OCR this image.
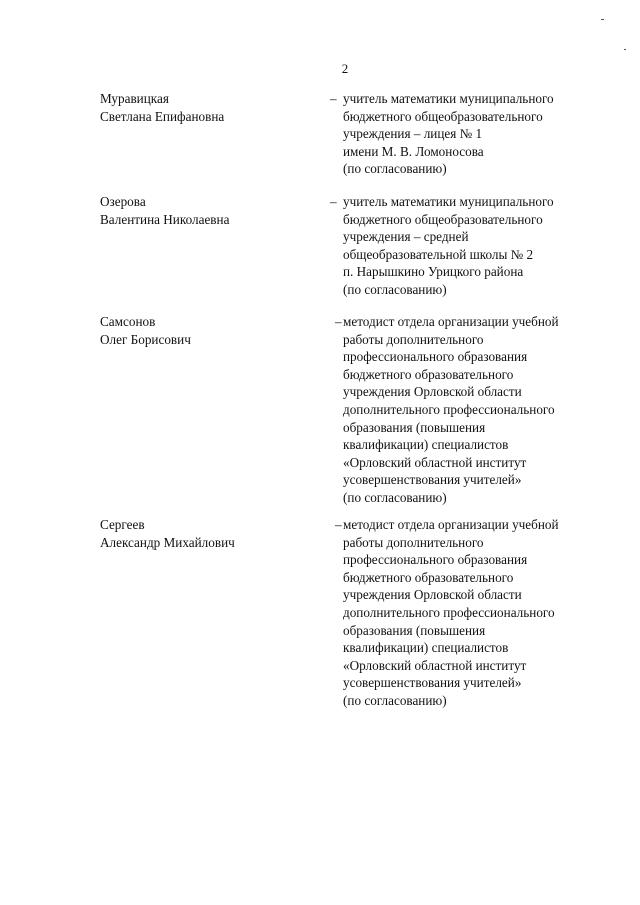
2
Муравицкая
Светлана Епифановна
– учитель математики муниципального
бюджетного общеобразовательного
учреждения – лицея № 1
имени М. В. Ломоносова
(по согласованию)
Озерова
Валентина Николаевна
– учитель математики муниципального
бюджетного общеобразовательного
учреждения – средней
общеобразовательной школы № 2
п. Нарышкино Урицкого района
(по согласованию)
Самсонов
Олег Борисович
– методист отдела организации учебной
работы дополнительного
профессионального образования
бюджетного образовательного
учреждения Орловской области
дополнительного профессионального
образования (повышения
квалификации) специалистов
«Орловский областной институт
усовершенствования учителей»
(по согласованию)
Сергеев
Александр Михайлович
– методист отдела организации учебной
работы дополнительного
профессионального образования
бюджетного образовательного
учреждения Орловской области
дополнительного профессионального
образования (повышения
квалификации) специалистов
«Орловский областной институт
усовершенствования учителей»
(по согласованию)
